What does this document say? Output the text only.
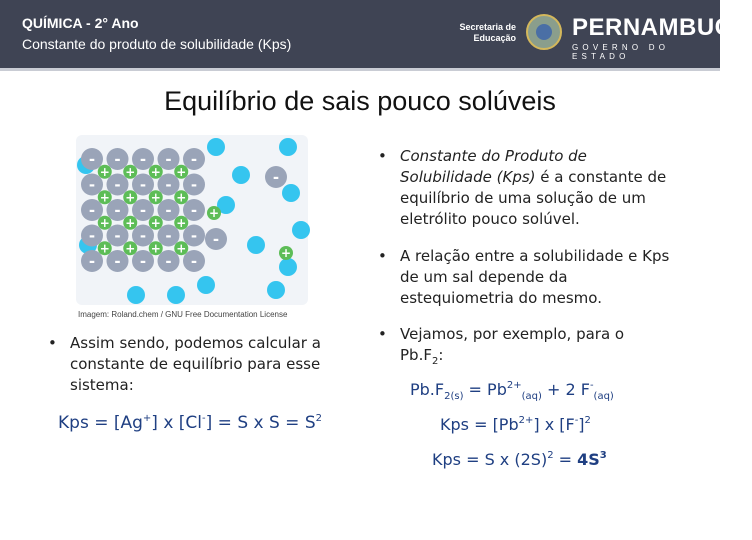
QUÍMICA - 2° Ano
Constante do produto de solubilidade (Kps)
Secretaria de Educação PERNAMBUCO
GOVERNO DO ESTADO
Equilíbrio de sais pouco solúveis
- - - - -
- - - - -
- - - - -
- - - - -
- - - - -
+ + + +
+ + + +
+ + + +
+ + + +
-
-
+
+
Imagem: Roland.chem / GNU Free Documentation License
• Assim sendo, podemos calcular a constante de equilíbrio para esse sistema:
Kps = [Ag+] x [Cl-] = S x $S = S^2$
• Constante do Produto de Solubilidade (Kps) é a constante de equilíbrio de uma solução de um eletrólito pouco solúvel.
• A relação entre a solubilidade e Kps de um sal depende da estequiometria do mesmo.
• Vejamos, por exemplo, para o $Pb.F_2$:
$Pb.F_{2(s)} = Pb^{2+}_{(aq)} + 2$ $F^-_{(aq)}$
Kps = $[Pb^{2+}]$ x $[F^-]^2$
Kps = S x $(2S)^2 = 4S^3$
